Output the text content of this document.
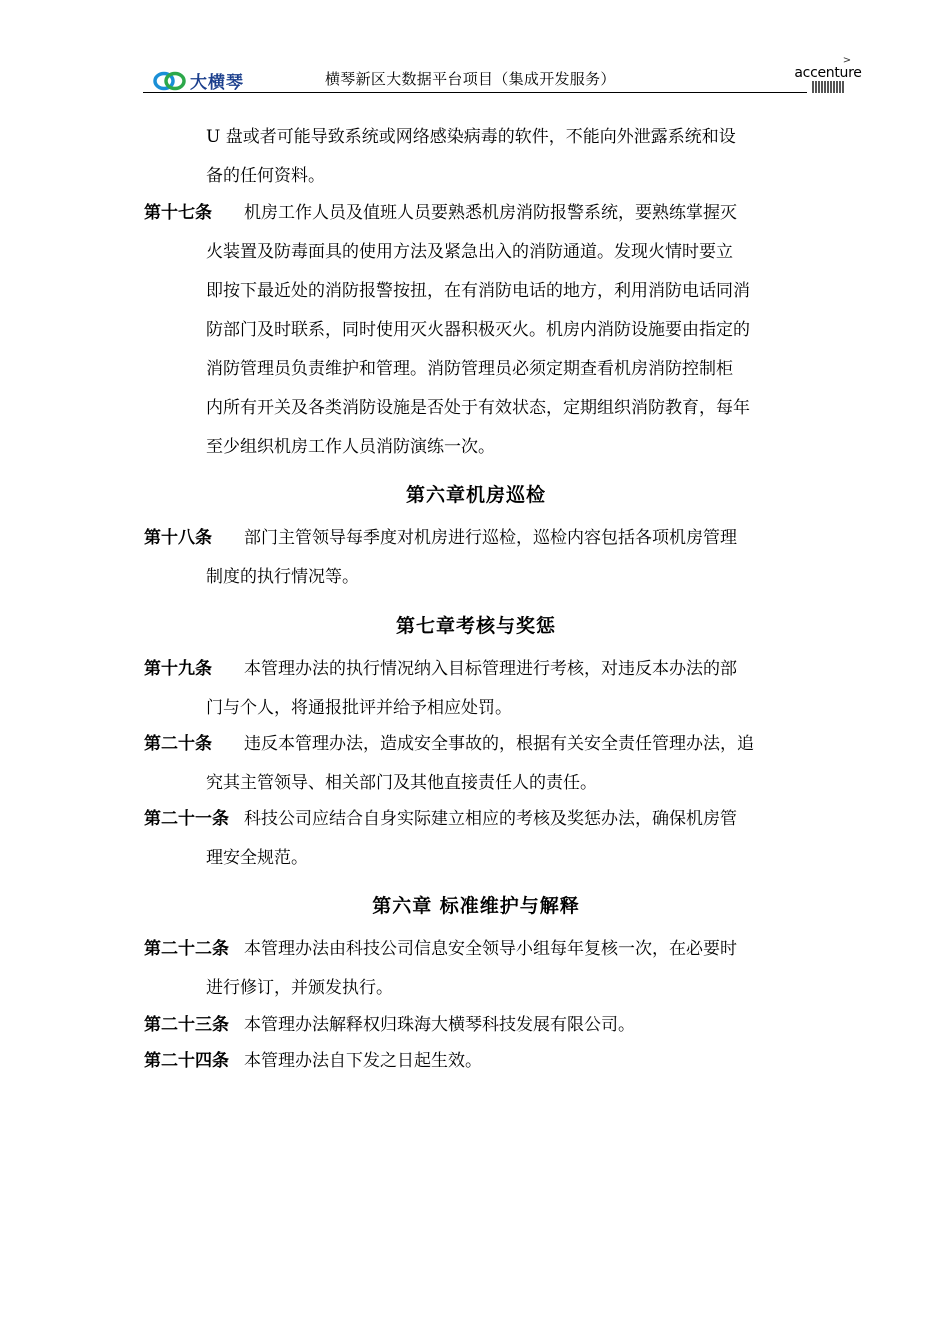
大横琴	横琴新区大数据平台项目（集成开发服务）
>
accenture
U 盘或者可能导致系统或网络感染病毒的软件，不能向外泄露系统和设
备的任何资料。
第十七条	机房工作人员及值班人员要熟悉机房消防报警系统，要熟练掌握灭
火装置及防毒面具的使用方法及紧急出入的消防通道。发现火情时要立
即按下最近处的消防报警按扭，在有消防电话的地方，利用消防电话同消
防部门及时联系，同时使用灭火器积极灭火。机房内消防设施要由指定的
消防管理员负责维护和管理。消防管理员必须定期查看机房消防控制柜
内所有开关及各类消防设施是否处于有效状态，定期组织消防教育，每年
至少组织机房工作人员消防演练一次。
第六章机房巡检
第十八条	部门主管领导每季度对机房进行巡检，巡检内容包括各项机房管理
制度的执行情况等。
第七章考核与奖惩
第十九条	本管理办法的执行情况纳入目标管理进行考核，对违反本办法的部
门与个人，将通报批评并给予相应处罚。
第二十条	违反本管理办法，造成安全事故的，根据有关安全责任管理办法，追
究其主管领导、相关部门及其他直接责任人的责任。
第二十一条 科技公司应结合自身实际建立相应的考核及奖惩办法，确保机房管
理安全规范。
第六章 标准维护与解释
第二十二条 本管理办法由科技公司信息安全领导小组每年复核一次，在必要时
进行修订，并颁发执行。
第二十三条 本管理办法解释权归珠海大横琴科技发展有限公司。
第二十四条 本管理办法自下发之日起生效。
